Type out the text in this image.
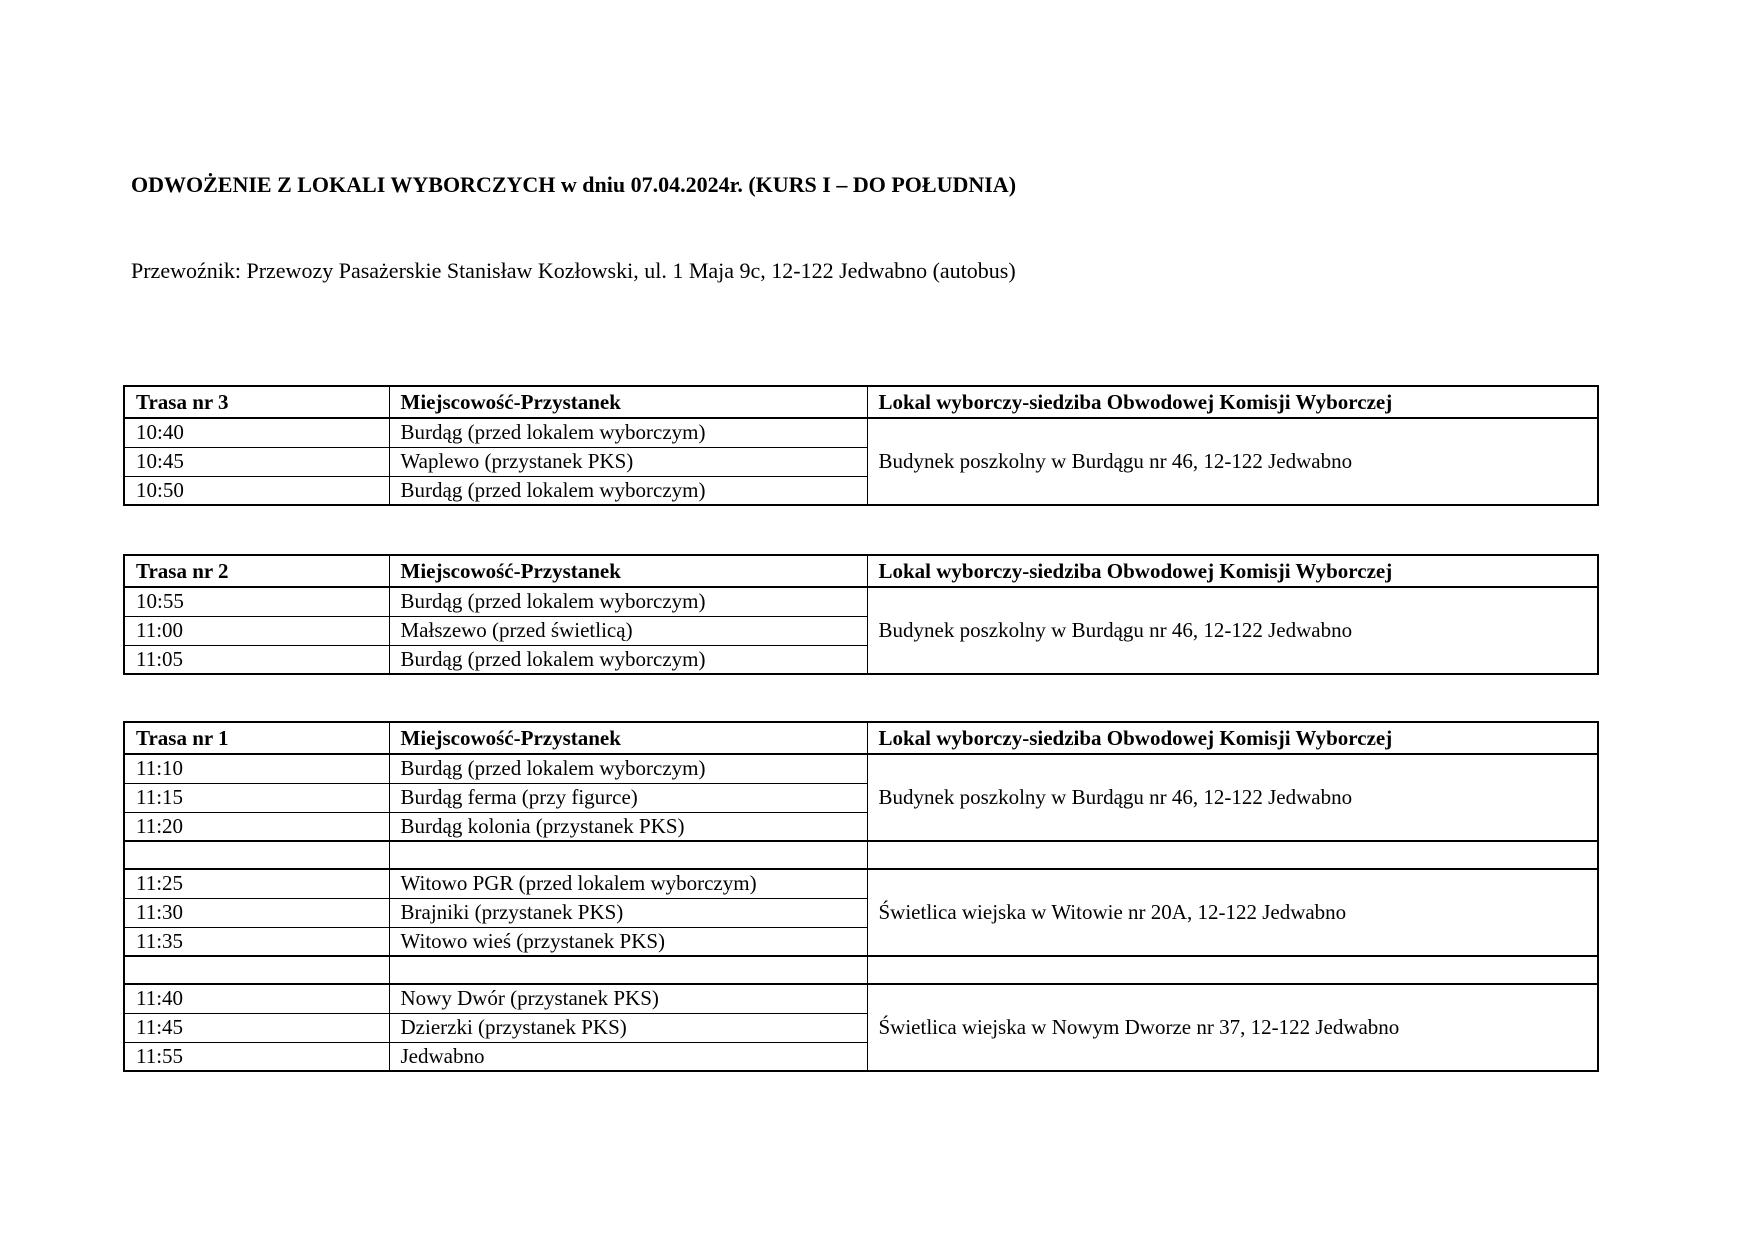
ODWOŻENIE Z LOKALI WYBORCZYCH w dniu 07.04.2024r. (KURS I – DO POŁUDNIA)
Przewoźnik: Przewozy Pasażerskie Stanisław Kozłowski, ul. 1 Maja 9c, 12-122 Jedwabno (autobus)
Trasa nr 3	Miejscowość-Przystanek	Lokal wyborczy-siedziba Obwodowej Komisji Wyborczej
10:40	Burdąg (przed lokalem wyborczym)	Budynek poszkolny w Burdągu nr 46, 12-122 Jedwabno
10:45	Waplewo (przystanek PKS)	
10:50	Burdąg (przed lokalem wyborczym)	
Trasa nr 2	Miejscowość-Przystanek	Lokal wyborczy-siedziba Obwodowej Komisji Wyborczej
10:55	Burdąg (przed lokalem wyborczym)	Budynek poszkolny w Burdągu nr 46, 12-122 Jedwabno
11:00	Małszewo (przed świetlicą)	
11:05	Burdąg (przed lokalem wyborczym)	
Trasa nr 1	Miejscowość-Przystanek	Lokal wyborczy-siedziba Obwodowej Komisji Wyborczej
11:10	Burdąg (przed lokalem wyborczym)	Budynek poszkolny w Burdągu nr 46, 12-122 Jedwabno
11:15	Burdąg ferma (przy figurce)	
11:20	Burdąg kolonia (przystanek PKS)	

11:25	Witowo PGR (przed lokalem wyborczym)	Świetlica wiejska w Witowie nr 20A, 12-122 Jedwabno
11:30	Brajniki (przystanek PKS)	
11:35	Witowo wieś (przystanek PKS)	

11:40	Nowy Dwór (przystanek PKS)	Świetlica wiejska w Nowym Dworze nr 37, 12-122 Jedwabno
11:45	Dzierzki (przystanek PKS)	
11:55	Jedwabno	
